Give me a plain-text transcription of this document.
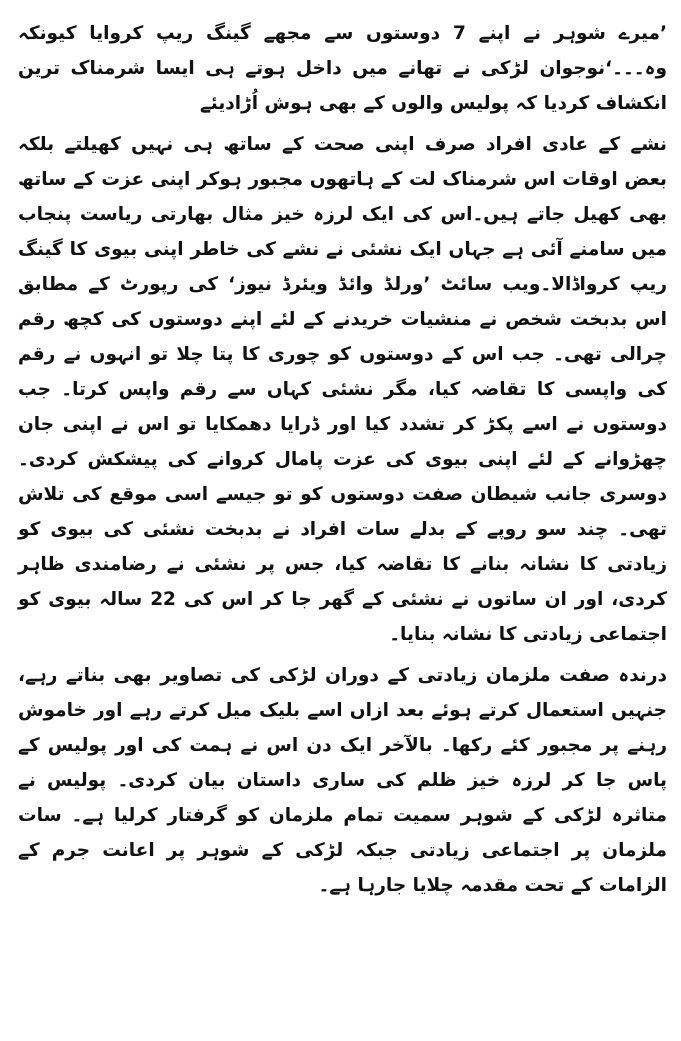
’میرے شوہر نے اپنے 7 دوستوں سے مجھے گینگ ریپ کروایا کیونکہ وہ۔۔۔‘نوجوان لڑکی نے تھانے میں داخل ہوتے ہی ایسا شرمناک ترین انکشاف کردیا کہ پولیس والوں کے بھی ہوش اُڑادیئے

نشے کے عادی افراد صرف اپنی صحت کے ساتھ ہی نہیں کھیلتے بلکہ بعض اوقات اس شرمناک لت کے ہاتھوں مجبور ہوکر اپنی عزت کے ساتھ بھی کھیل جاتے ہیں۔اس کی ایک لرزہ خیز مثال بھارتی ریاست پنجاب میں سامنے آئی ہے جہاں ایک نشئی نے نشے کی خاطر اپنی بیوی کا گینگ ریپ کرواڈالا۔ویب سائٹ ’ورلڈ وائڈ ویئرڈ نیوز‘ کی رپورٹ کے مطابق اس بدبخت شخص نے منشیات خریدنے کے لئے اپنے دوستوں کی کچھ رقم چرالی تھی۔ جب اس کے دوستوں کو چوری کا پتا چلا تو انہوں نے رقم کی واپسی کا تقاضہ کیا، مگر نشئی کہاں سے رقم واپس کرتا۔ جب دوستوں نے اسے پکڑ کر تشدد کیا اور ڈرایا دھمکایا تو اس نے اپنی جان چھڑوانے کے لئے اپنی بیوی کی عزت پامال کروانے کی پیشکش کردی۔ دوسری جانب شیطان صفت دوستوں کو تو جیسے اسی موقع کی تلاش تھی۔ چند سو روپے کے بدلے سات افراد نے بدبخت نشئی کی بیوی کو زیادتی کا نشانہ بنانے کا تقاضہ کیا، جس پر نشئی نے رضامندی ظاہر کردی، اور ان ساتوں نے نشئی کے گھر جا کر اس کی 22 سالہ بیوی کو اجتماعی زیادتی کا نشانہ بنایا۔

درندہ صفت ملزمان زیادتی کے دوران لڑکی کی تصاویر بھی بناتے رہے، جنہیں استعمال کرتے ہوئے بعد ازاں اسے بلیک میل کرتے رہے اور خاموش رہنے پر مجبور کئے رکھا۔ بالآخر ایک دن اس نے ہمت کی اور پولیس کے پاس جا کر لرزہ خیز ظلم کی ساری داستان بیان کردی۔ پولیس نے متاثرہ لڑکی کے شوہر سمیت تمام ملزمان کو گرفتار کرلیا ہے۔ سات ملزمان پر اجتماعی زیادتی جبکہ لڑکی کے شوہر پر اعانت جرم کے الزامات کے تحت مقدمہ چلایا جارہا ہے۔
